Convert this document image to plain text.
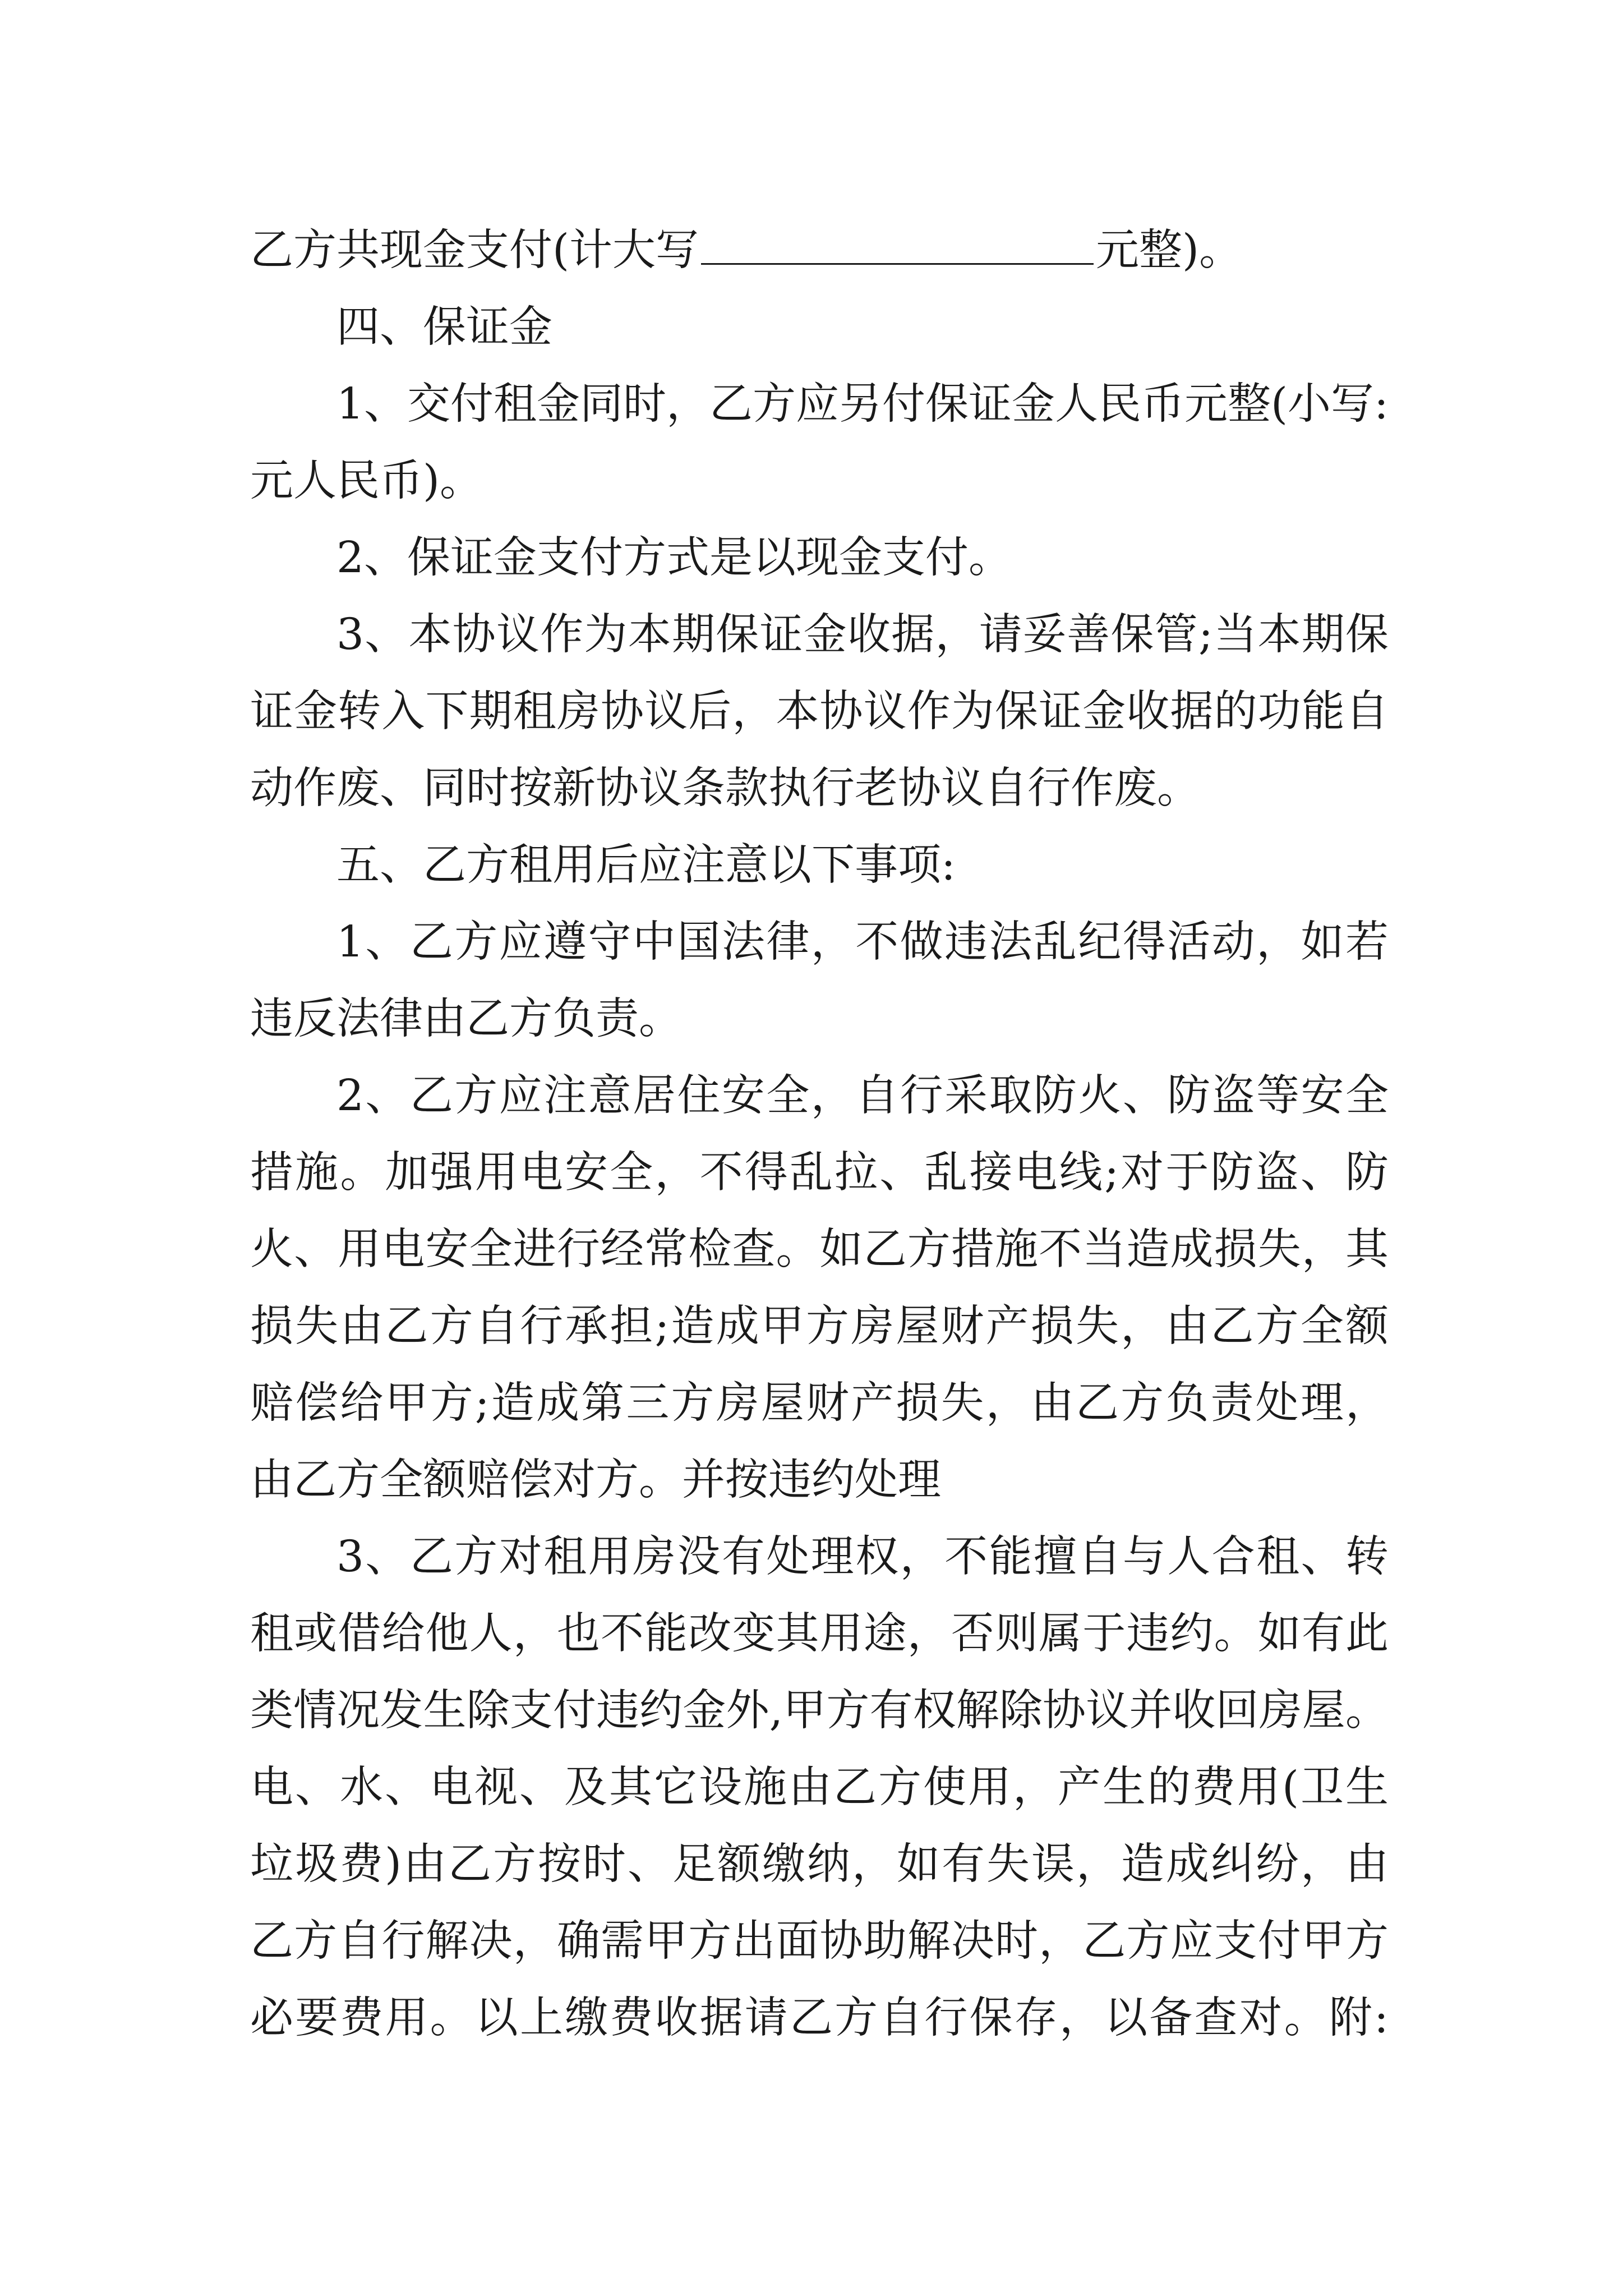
乙方共现金支付(计大写	元整)。
四、保证金
1、交付租金同时，乙方应另付保证金人民币元整(小写:
元人民币)。
2、保证金支付方式是以现金支付。
3、本协议作为本期保证金收据，请妥善保管;当本期保
证金转入下期租房协议后，本协议作为保证金收据的功能自
动作废、同时按新协议条款执行老协议自行作废。
五、乙方租用后应注意以下事项:
1、乙方应遵守中国法律，不做违法乱纪得活动，如若
违反法律由乙方负责。
2、乙方应注意居住安全，自行采取防火、防盗等安全
措施。加强用电安全，不得乱拉、乱接电线;对于防盗、防
火、用电安全进行经常检查。如乙方措施不当造成损失，其
损失由乙方自行承担;造成甲方房屋财产损失，由乙方全额
赔偿给甲方;造成第三方房屋财产损失，由乙方负责处理，
由乙方全额赔偿对方。并按违约处理
3、乙方对租用房没有处理权，不能擅自与人合租、转
租或借给他人，也不能改变其用途，否则属于违约。如有此
类情况发生除支付违约金外,甲方有权解除协议并收回房屋。
电、水、电视、及其它设施由乙方使用，产生的费用(卫生
垃圾费)由乙方按时、足额缴纳，如有失误，造成纠纷，由
乙方自行解决，确需甲方出面协助解决时，乙方应支付甲方
必要费用。以上缴费收据请乙方自行保存，以备查对。附:
